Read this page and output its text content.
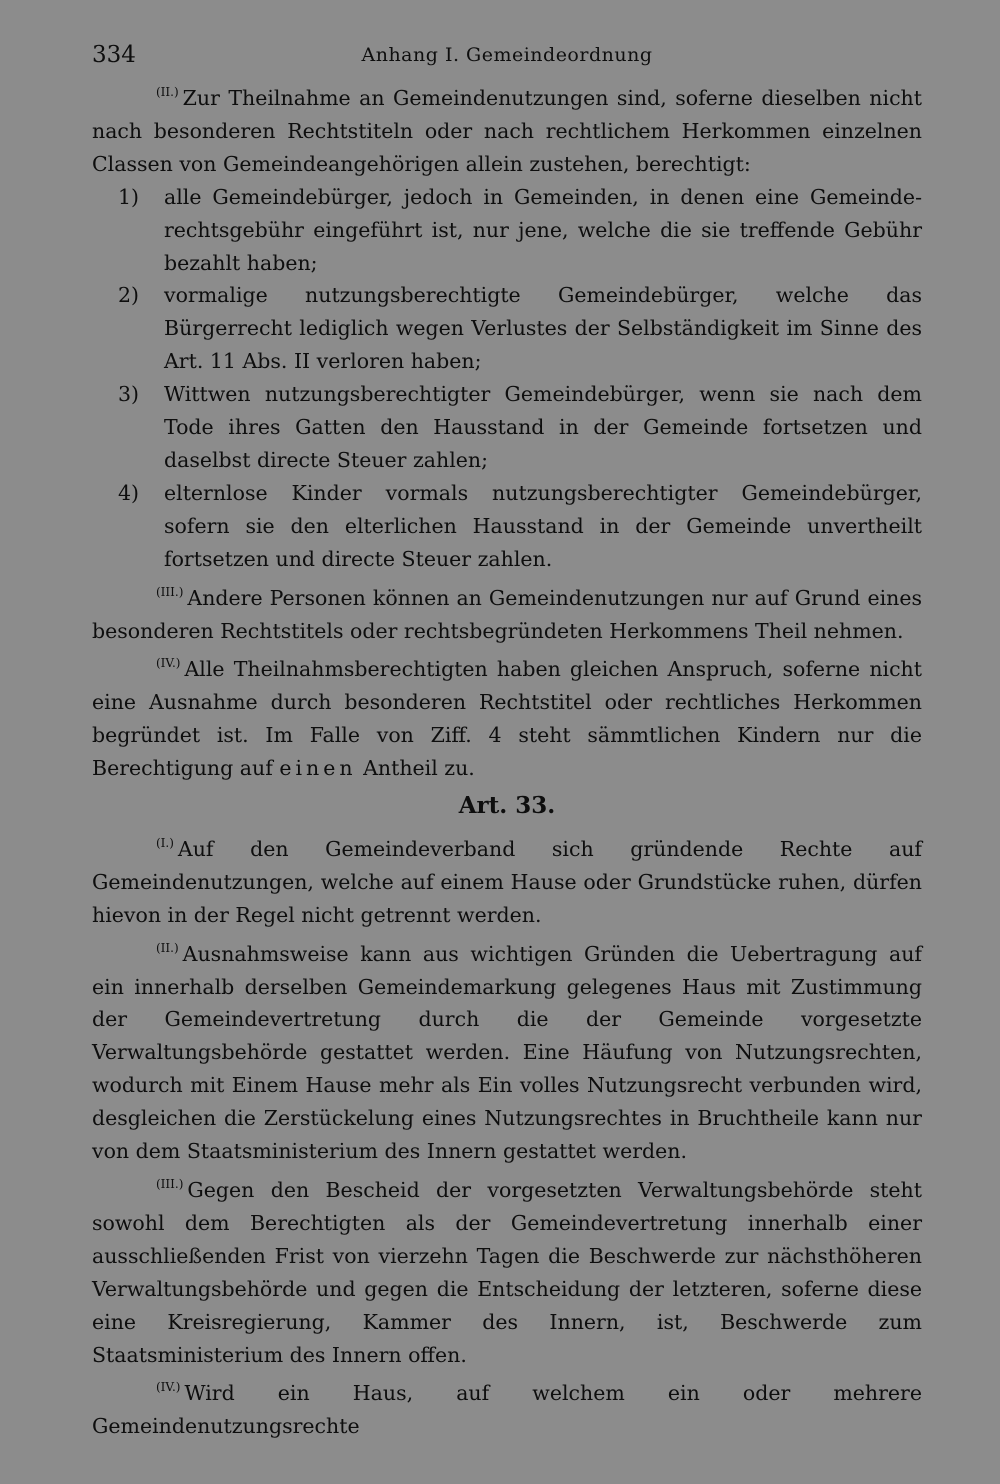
334	Anhang I. Gemeindeordnung

$^{(II.)}$ Zur Theilnahme an Gemeindenutzungen sind, soferne dieselben nicht nach besonderen Rechtstiteln oder nach rechtlichem Herkommen einzelnen Classen von Gemeindeangehörigen allein zustehen, berechtigt:

1) alle Gemeindebürger, jedoch in Gemeinden, in denen eine Gemeinderechtsgebühr eingeführt ist, nur jene, welche die sie treffende Gebühr bezahlt haben;
2) vormalige nutzungsberechtigte Gemeindebürger, welche das Bürgerrecht lediglich wegen Verlustes der Selbständigkeit im Sinne des Art. 11 Abs. II verloren haben;
3) Wittwen nutzungsberechtigter Gemeindebürger, wenn sie nach dem Tode ihres Gatten den Hausstand in der Gemeinde fortsetzen und daselbst directe Steuer zahlen;
4) elternlose Kinder vormals nutzungsberechtigter Gemeindebürger, sofern sie den elterlichen Hausstand in der Gemeinde unvertheilt fortsetzen und directe Steuer zahlen.

$^{(III.)}$ Andere Personen können an Gemeindenutzungen nur auf Grund eines besonderen Rechtstitels oder rechtsbegründeten Herkommens Theil nehmen.

$^{(IV.)}$ Alle Theilnahmsberechtigten haben gleichen Anspruch, soferne nicht eine Ausnahme durch besonderen Rechtstitel oder rechtliches Herkommen begründet ist. Im Falle von Ziff. 4 steht sämmtlichen Kindern nur die Berechtigung auf einen Antheil zu.

Art. 33.

$^{(I.)}$ Auf den Gemeindeverband sich gründende Rechte auf Gemeindenutzungen, welche auf einem Hause oder Grundstücke ruhen, dürfen hievon in der Regel nicht getrennt werden.

$^{(II.)}$ Ausnahmsweise kann aus wichtigen Gründen die Uebertragung auf ein innerhalb derselben Gemeindemarkung gelegenes Haus mit Zustimmung der Gemeindevertretung durch die der Gemeinde vorgesetzte Verwaltungsbehörde gestattet werden. Eine Häufung von Nutzungsrechten, wodurch mit Einem Hause mehr als Ein volles Nutzungsrecht verbunden wird, desgleichen die Zerstückelung eines Nutzungsrechtes in Bruchtheile kann nur von dem Staatsministerium des Innern gestattet werden.

$^{(III.)}$ Gegen den Bescheid der vorgesetzten Verwaltungsbehörde steht sowohl dem Berechtigten als der Gemeindevertretung innerhalb einer ausschließenden Frist von vierzehn Tagen die Beschwerde zur nächsthöheren Verwaltungsbehörde und gegen die Entscheidung der letzteren, soferne diese eine Kreisregierung, Kammer des Innern, ist, Beschwerde zum Staatsministerium des Innern offen.

$^{(IV.)}$ Wird ein Haus, auf welchem ein oder mehrere Gemeindenutzungsrechte
